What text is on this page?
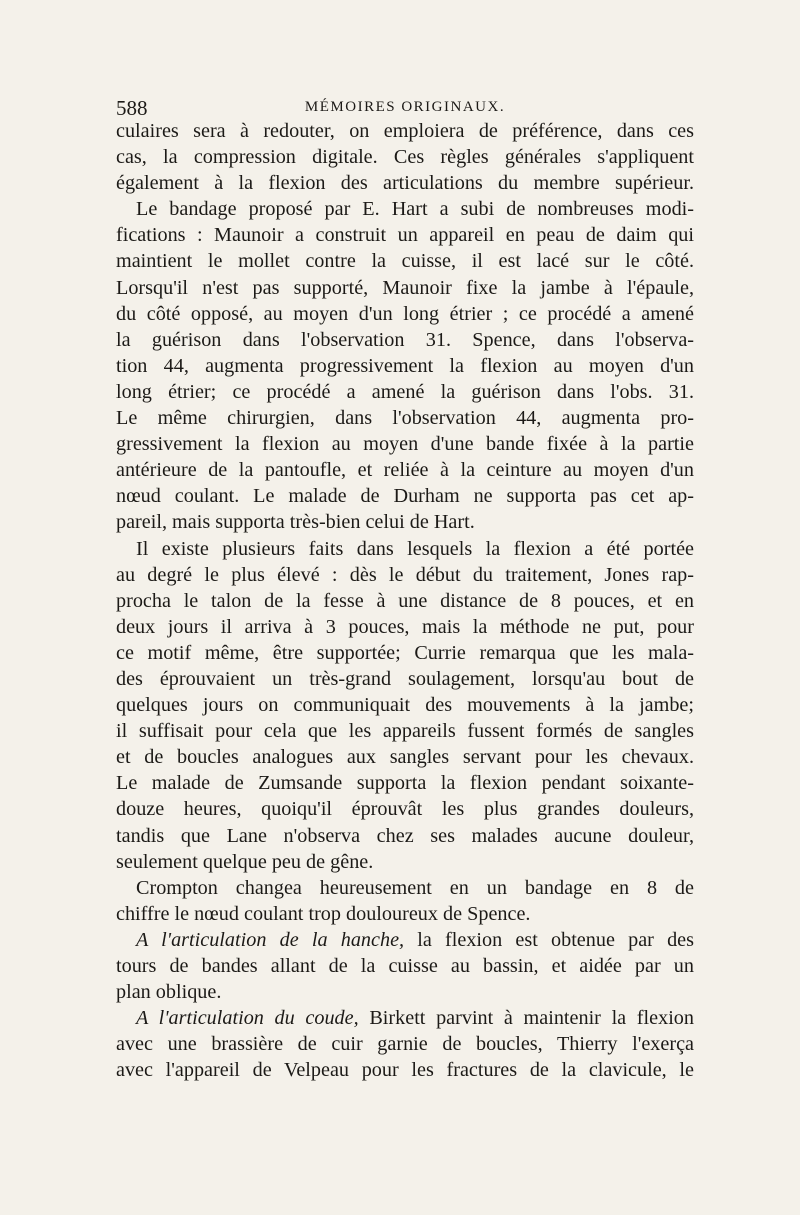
588	MÉMOIRES ORIGINAUX.
culaires sera à redouter, on emploiera de préférence, dans ces
cas, la compression digitale. Ces règles générales s'appliquent
également à la flexion des articulations du membre supérieur.
Le bandage proposé par E. Hart a subi de nombreuses modi-
fications : Maunoir a construit un appareil en peau de daim qui
maintient le mollet contre la cuisse, il est lacé sur le côté.
Lorsqu'il n'est pas supporté, Maunoir fixe la jambe à l'épaule,
du côté opposé, au moyen d'un long étrier ; ce procédé a amené
la guérison dans l'observation 31. Spence, dans l'observa-
tion 44, augmenta progressivement la flexion au moyen d'un
long étrier; ce procédé a amené la guérison dans l'obs. 31.
Le même chirurgien, dans l'observation 44, augmenta pro-
gressivement la flexion au moyen d'une bande fixée à la partie
antérieure de la pantoufle, et reliée à la ceinture au moyen d'un
nœud coulant. Le malade de Durham ne supporta pas cet ap-
pareil, mais supporta très-bien celui de Hart.
Il existe plusieurs faits dans lesquels la flexion a été portée
au degré le plus élevé : dès le début du traitement, Jones rap-
procha le talon de la fesse à une distance de 8 pouces, et en
deux jours il arriva à 3 pouces, mais la méthode ne put, pour
ce motif même, être supportée; Currie remarqua que les mala-
des éprouvaient un très-grand soulagement, lorsqu'au bout de
quelques jours on communiquait des mouvements à la jambe;
il suffisait pour cela que les appareils fussent formés de sangles
et de boucles analogues aux sangles servant pour les chevaux.
Le malade de Zumsande supporta la flexion pendant soixante-
douze heures, quoiqu'il éprouvât les plus grandes douleurs,
tandis que Lane n'observa chez ses malades aucune douleur,
seulement quelque peu de gêne.
Crompton changea heureusement en un bandage en 8 de
chiffre le nœud coulant trop douloureux de Spence.
A l'articulation de la hanche, la flexion est obtenue par des
tours de bandes allant de la cuisse au bassin, et aidée par un
plan oblique.
A l'articulation du coude, Birkett parvint à maintenir la flexion
avec une brassière de cuir garnie de boucles, Thierry l'exerça
avec l'appareil de Velpeau pour les fractures de la clavicule, le
